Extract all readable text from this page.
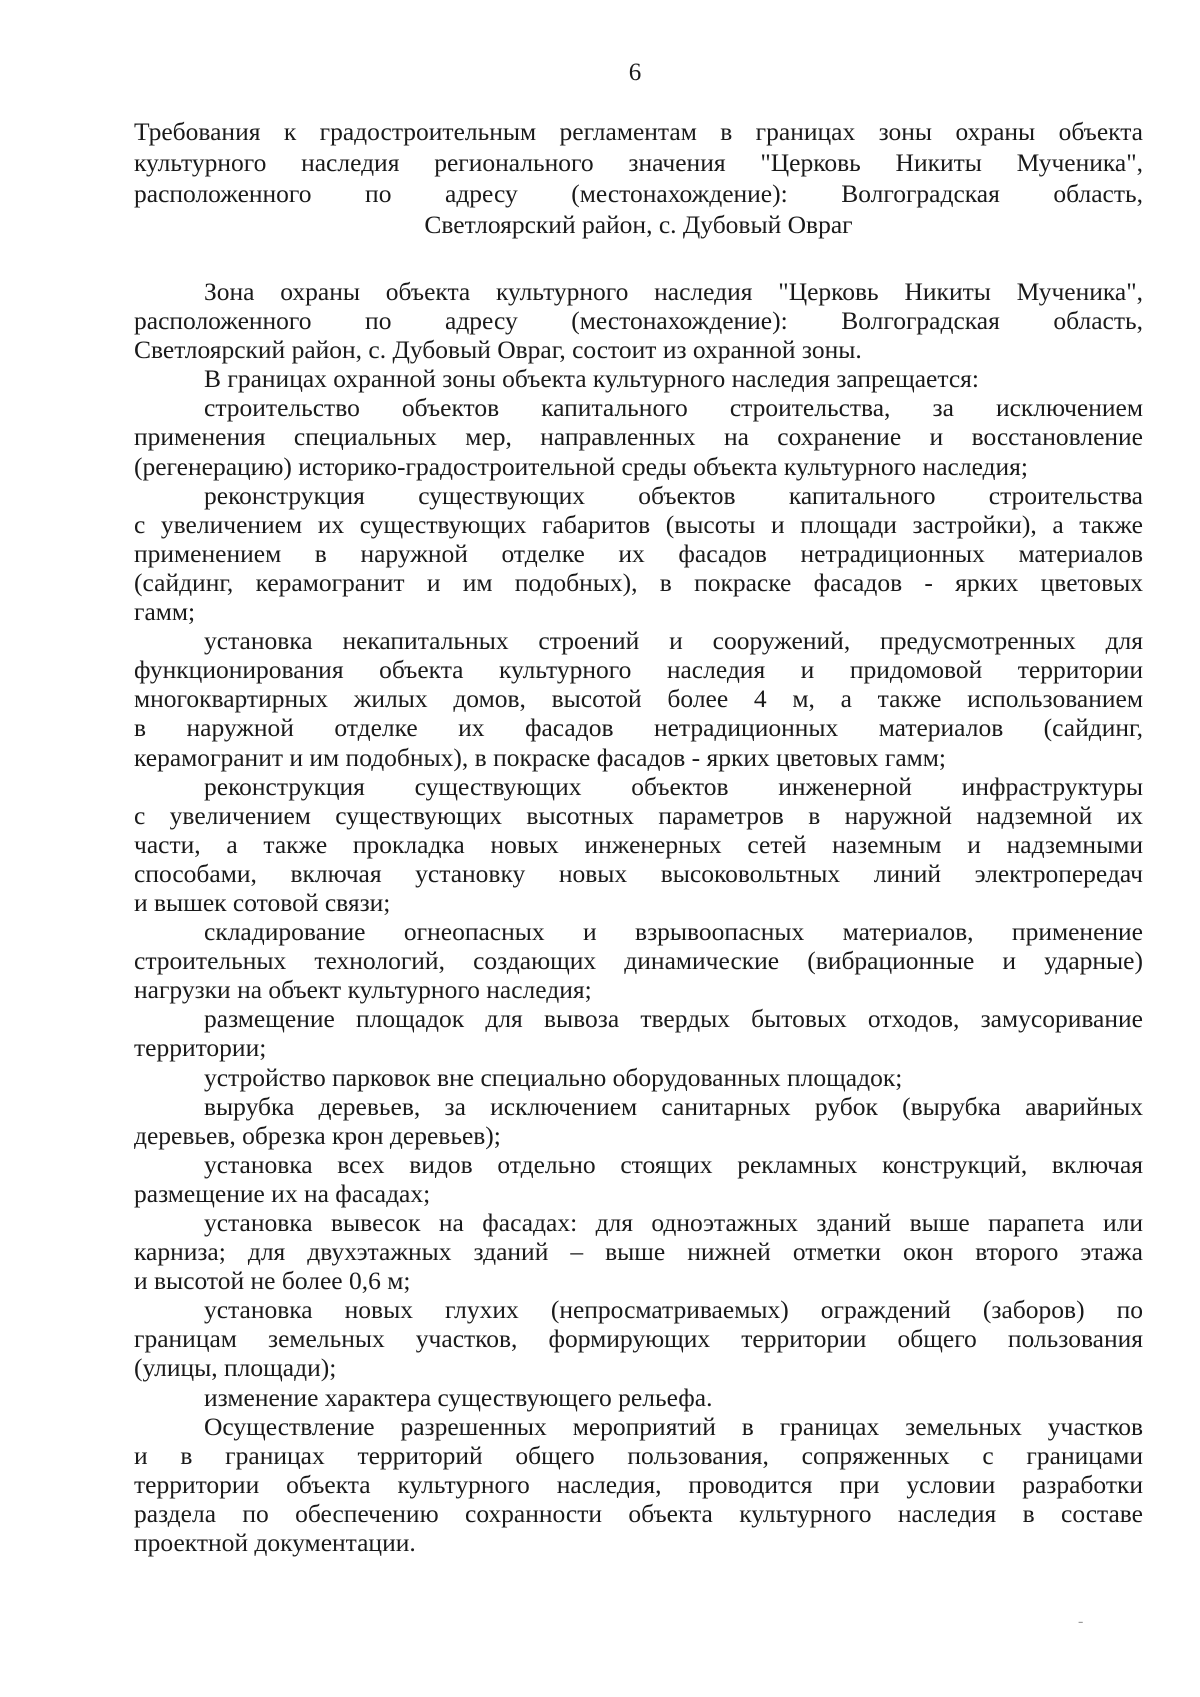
6
Требования к градостроительным регламентам в границах зоны охраны объекта
культурного наследия регионального значения "Церковь Никиты Мученика",
расположенного по адресу (местонахождение): Волгоградская область,
Светлоярский район, с. Дубовый Овраг
Зона охраны объекта культурного наследия "Церковь Никиты Мученика",
расположенного по адресу (местонахождение): Волгоградская область,
Светлоярский район, с. Дубовый Овраг, состоит из охранной зоны.
В границах охранной зоны объекта культурного наследия запрещается:
строительство объектов капитального строительства, за исключением
применения специальных мер, направленных на сохранение и восстановление
(регенерацию) историко-градостроительной среды объекта культурного наследия;
реконструкция существующих объектов капитального строительства
с увеличением их существующих габаритов (высоты и площади застройки), а также
применением в наружной отделке их фасадов нетрадиционных материалов
(сайдинг, керамогранит и им подобных), в покраске фасадов - ярких цветовых
гамм;
установка некапитальных строений и сооружений, предусмотренных для
функционирования объекта культурного наследия и придомовой территории
многоквартирных жилых домов, высотой более 4 м, а также использованием
в наружной отделке их фасадов нетрадиционных материалов (сайдинг,
керамогранит и им подобных), в покраске фасадов - ярких цветовых гамм;
реконструкция существующих объектов инженерной инфраструктуры
с увеличением существующих высотных параметров в наружной надземной их
части, а также прокладка новых инженерных сетей наземным и надземными
способами, включая установку новых высоковольтных линий электропередач
и вышек сотовой связи;
складирование огнеопасных и взрывоопасных материалов, применение
строительных технологий, создающих динамические (вибрационные и ударные)
нагрузки на объект культурного наследия;
размещение площадок для вывоза твердых бытовых отходов, замусоривание
территории;
устройство парковок вне специально оборудованных площадок;
вырубка деревьев, за исключением санитарных рубок (вырубка аварийных
деревьев, обрезка крон деревьев);
установка всех видов отдельно стоящих рекламных конструкций, включая
размещение их на фасадах;
установка вывесок на фасадах: для одноэтажных зданий выше парапета или
карниза; для двухэтажных зданий – выше нижней отметки окон второго этажа
и высотой не более 0,6 м;
установка новых глухих (непросматриваемых) ограждений (заборов) по
границам земельных участков, формирующих территории общего пользования
(улицы, площади);
изменение характера существующего рельефа.
Осуществление разрешенных мероприятий в границах земельных участков
и в границах территорий общего пользования, сопряженных с границами
территории объекта культурного наследия, проводится при условии разработки
раздела по обеспечению сохранности объекта культурного наследия в составе
проектной документации.
-
